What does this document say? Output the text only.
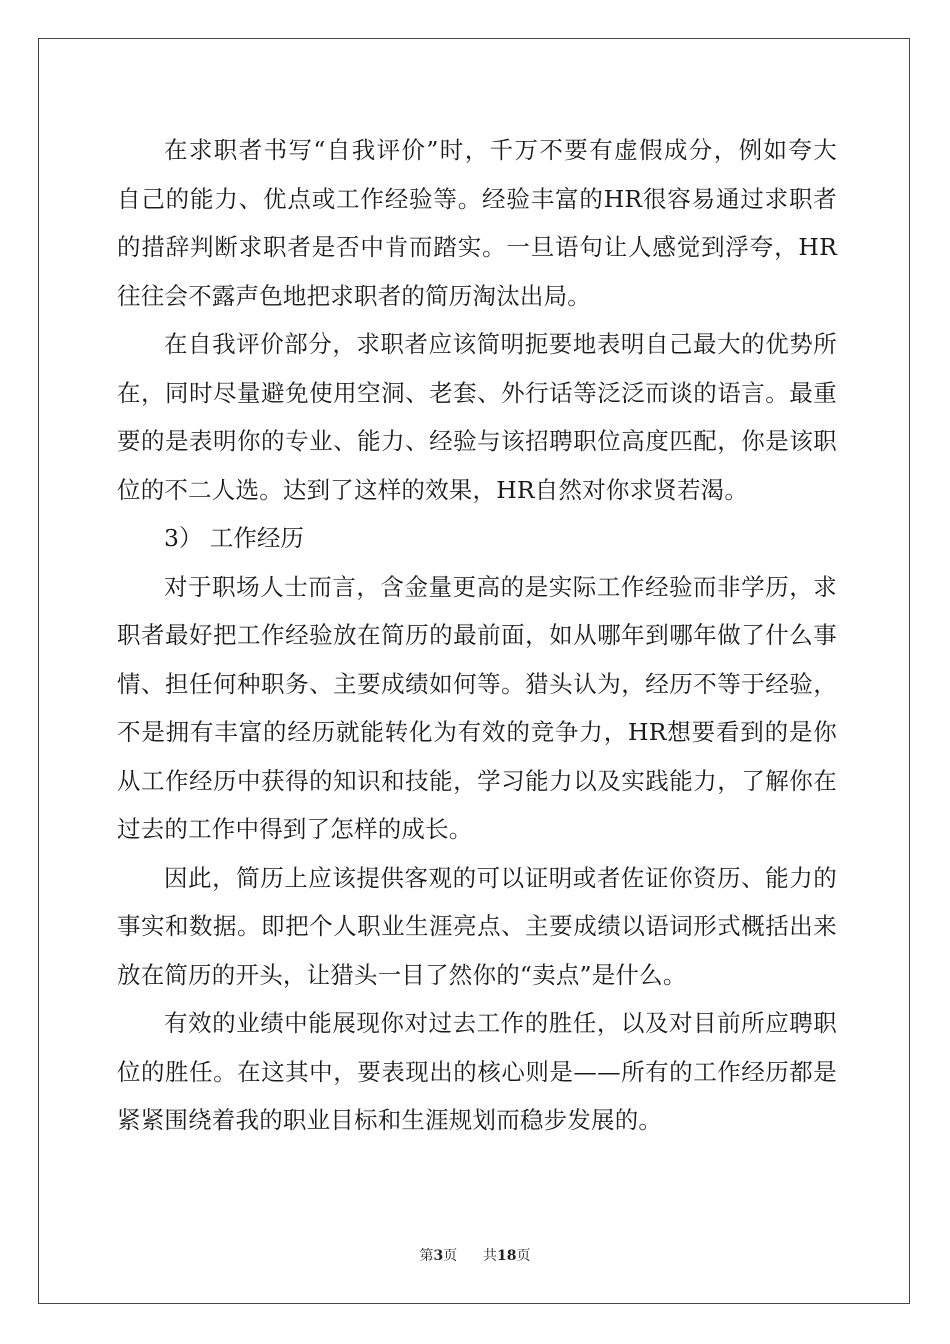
在求职者书写“自我评价”时，千万不要有虚假成分，例如夸大
自己的能力、优点或工作经验等。经验丰富的HR很容易通过求职者
的措辞判断求职者是否中肯而踏实。一旦语句让人感觉到浮夸，HR
往往会不露声色地把求职者的简历淘汰出局。
在自我评价部分，求职者应该简明扼要地表明自己最大的优势所
在，同时尽量避免使用空洞、老套、外行话等泛泛而谈的语言。最重
要的是表明你的专业、能力、经验与该招聘职位高度匹配，你是该职
位的不二人选。达到了这样的效果，HR自然对你求贤若渴。
3） 工作经历
对于职场人士而言，含金量更高的是实际工作经验而非学历，求
职者最好把工作经验放在简历的最前面，如从哪年到哪年做了什么事
情、担任何种职务、主要成绩如何等。猎头认为，经历不等于经验，
不是拥有丰富的经历就能转化为有效的竞争力，HR想要看到的是你
从工作经历中获得的知识和技能，学习能力以及实践能力，了解你在
过去的工作中得到了怎样的成长。
因此，简历上应该提供客观的可以证明或者佐证你资历、能力的
事实和数据。即把个人职业生涯亮点、主要成绩以语词形式概括出来
放在简历的开头，让猎头一目了然你的“卖点”是什么。
有效的业绩中能展现你对过去工作的胜任，以及对目前所应聘职
位的胜任。在这其中，要表现出的核心则是——所有的工作经历都是
紧紧围绕着我的职业目标和生涯规划而稳步发展的。
第3页 共18页
